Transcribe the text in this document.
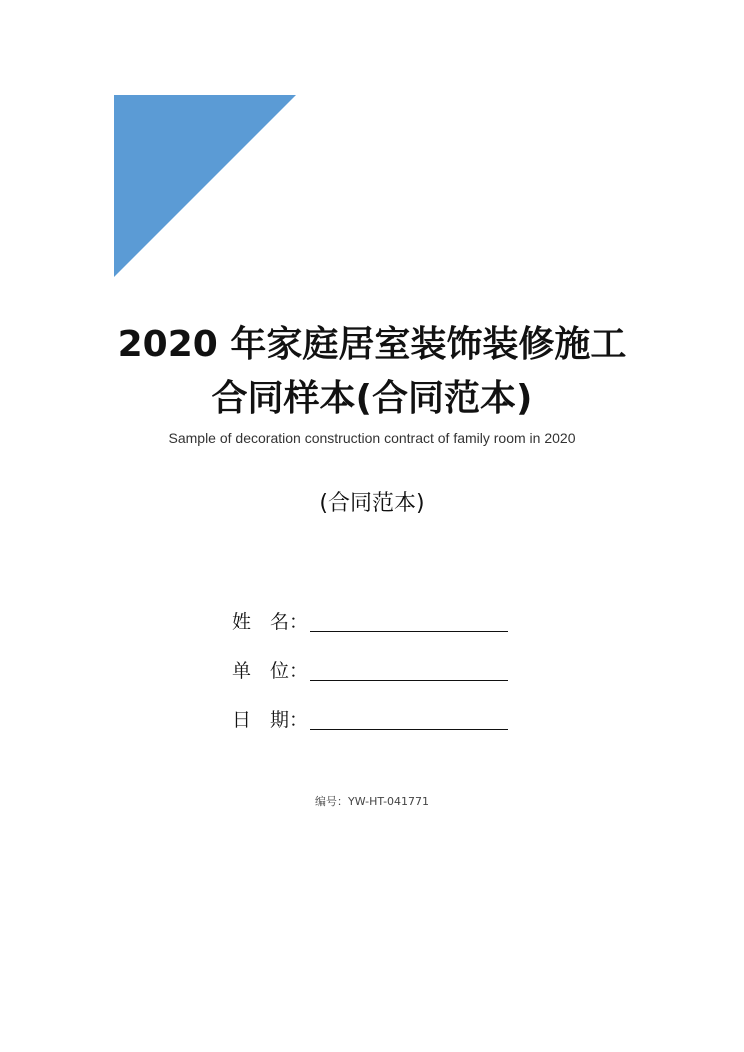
2020 年家庭居室装饰装修施工
合同样本(合同范本)
Sample of decoration construction contract of family room in 2020
(合同范本)
姓　名：
单　位：
日　期：
编号：YW-HT-041771
